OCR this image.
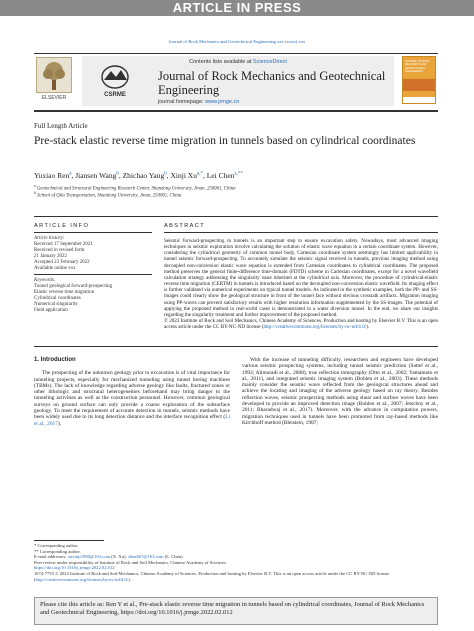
ARTICLE IN PRESS
Journal of Rock Mechanics and Geotechnical Engineering xxx (xxxx) xxx
ELSEVIER
Contents lists available at ScienceDirect
CSRME
Journal of Rock Mechanics and Geotechnical Engineering
journal homepage: www.jrmge.cn
JOURNAL OF ROCK MECHANICS AND GEOTECHNICAL ENGINEERING
Full Length Article
Pre-stack elastic reverse time migration in tunnels based on cylindrical coordinates
Yuxiao Ren$^a$, Jiansen Wang$^b$, Zhichao Yang$^b$, Xinji $Xu^{a,*}$, Lei Chen$^{a,**}$
$^a$ Geotechnical and Structural Engineering Research Center, Shandong University, Jinan, 250061, China
$^b$ School of Qilu Transportation, Shandong University, Jinan, 250061, China
ARTICLE INFO
Article history:
Received 17 September 2021
Received in revised form
21 January 2022
Accepted 23 February 2022
Available online xxx
Keywords:
Tunnel geological forward-prospecting
Elastic reverse time migration
Cylindrical coordinates
Numerical singularity
Field application
ABSTRACT
Seismic forward-prospecting in tunnels is an important step to ensure excavation safety. Nowadays, most advanced imaging techniques in seismic exploration involve calculating the solution of elastic wave equation in a certain coordinate system. However, considering the cylindrical geometry of common tunnel body, Cartesian coordinate system seemingly has limited applicability in tunnel seismic forward-prospecting. To accurately simulate the seismic signal received in tunnels, previous imaging method using decoupled non-conversion elastic wave equation is extended from Cartesian coordinates to cylindrical coordinates. The proposed method preserves the general finite-difference time-domain (FDTD) scheme in Cartesian coordinates, except for a novel wavefield calculation strategy addressing the singularity issue inherited at the cylindrical axis. Moreover, the procedure of cylindrical-elastic reverse time migration (CERTM) in tunnels is introduced based on the decoupled non-conversion elastic wavefield. Its imaging effect is further validated via numerical experiments on typical tunnel models. As indicated in the synthetic examples, both the PP- and SS-images could clearly show the geological structure in front of the tunnel face without obvious crosstalk artifacts. Migration imaging using PP-waves can prevent satisfactory results with higher resolution information supplemented by the SS-images. The potential of applying the proposed method in real-world cases is demonstrated in a water diversion tunnel. In the end, we share our insights regarding the singularity treatment and further improvement of the proposed method.
© 2022 Institute of Rock and Soil Mechanics, Chinese Academy of Sciences. Production and hosting by Elsevier B.V. This is an open access article under the CC BY-NC-ND license (http://creativecommons.org/licenses/by-nc-nd/4.0/).
1. Introduction

The prospecting of the unknown geology prior to excavation is of vital importance for tunneling projects, especially for mechanized tunneling using tunnel boring machines (TBMs). The lack of knowledge regarding adverse geology like faults, fractured zones or other lithologic and structural heterogeneities beforehand may bring danger to the tunneling activities as well as the construction personnel. However, common geological surveys on ground surface can only provide a coarse exploration of the subsurface geology. To meet the requirement of accurate detection in tunnels, seismic methods have been widely used due to its long detection distance and the interface recognition effect (Li et al., 2017).

With the increase of tunneling difficulty, researchers and engineers have developed various seismic prospecting systems, including tunnel seismic prediction (Sattel et al., 1992; Alimoradi et al., 2008), true reflection tomography (Otto et al., 2002; Yamamoto et al., 2011), and integrated seismic imaging system (Bohlen et al., 2003). These methods mainly consider the seismic wave reflected from the geological structures ahead and achieve the locating and imaging of the adverse geology based on ray theory. Besides reflection waves, seismic prospecting methods using shear and surface waves have been developed to provide an improved detection image (Bohlen et al., 2007; Jetschny et al., 2011; Bharadwaj et al., 2017). Moreover, with the advance in computation powers, migration techniques used in tunnels have been promoted from ray-based methods like Kirchhoff method (Bleistein, 1987;

* Corresponding author.
** Corresponding author.
E-mail addresses: xuxinji1990@163.com (X. Xu), chen667@163.com (L. Chen).
Peer review under responsibility of Institute of Rock and Soil Mechanics, Chinese Academy of Sciences.
https://doi.org/10.1016/j.jrmge.2022.02.012
1674-7755 © 2022 Institute of Rock and Soil Mechanics, Chinese Academy of Sciences. Production and hosting by Elsevier B.V. This is an open access article under the CC BY-NC-ND license (http://creativecommons.org/licenses/by-nc-nd/4.0/).
Please cite this article as: Ren Y et al., Pre-stack elastic reverse time migration in tunnels based on cylindrical coordinates, Journal of Rock Mechanics and Geotechnical Engineering, https://doi.org/10.1016/j.jrmge.2022.02.012
